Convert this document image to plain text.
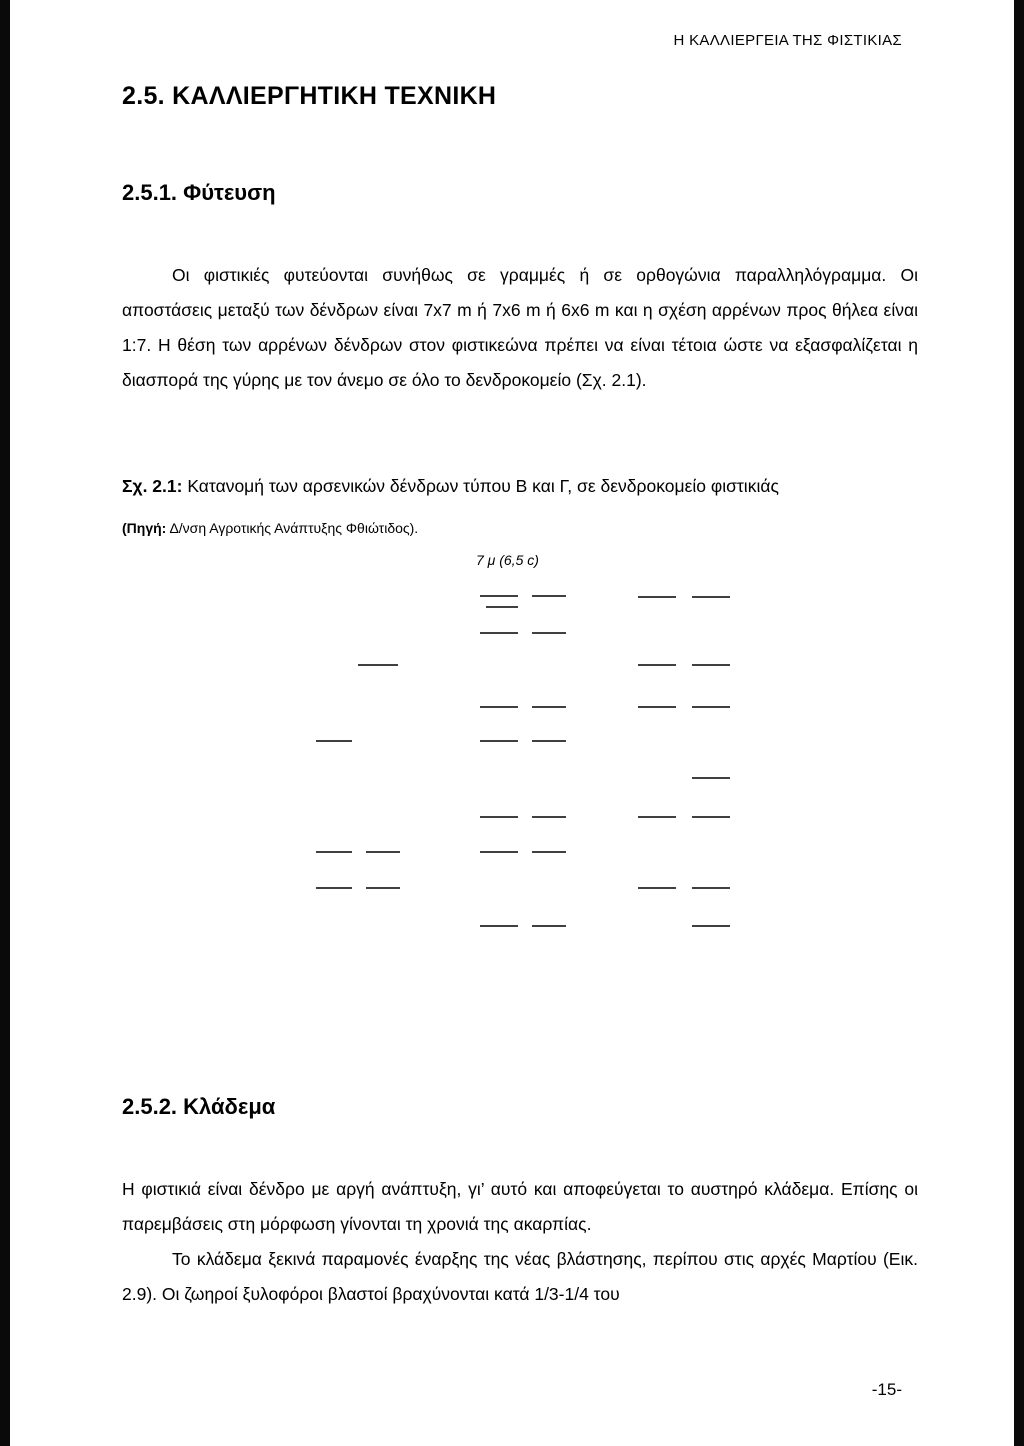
Η ΚΑΛΛΙΕΡΓΕΙΑ ΤΗΣ ΦΙΣΤΙΚΙΑΣ
2.5. ΚΑΛΛΙΕΡΓΗΤΙΚΗ ΤΕΧΝΙΚΗ
2.5.1. Φύτευση
Οι φιστικιές φυτεύονται συνήθως σε γραμμές ή σε ορθογώνια παραλληλόγραμμα. Οι αποστάσεις μεταξύ των δένδρων είναι 7x7 m ή 7x6 m ή 6x6 m και η σχέση αρρένων προς θήλεα είναι 1:7. Η θέση των αρρένων δένδρων στον φιστικεώνα πρέπει να είναι τέτοια ώστε να εξασφαλίζεται η διασπορά της γύρης με τον άνεμο σε όλο το δενδροκομείο (Σχ. 2.1).
Σχ. 2.1: Κατανομή των αρσενικών δένδρων τύπου Β και Γ, σε δενδροκομείο φιστικιάς
(Πηγή: Δ/νση Αγροτικής Ανάπτυξης Φθιώτιδος).
7 μ (6,5 c)
2.5.2. Κλάδεμα
Η φιστικιά είναι δένδρο με αργή ανάπτυξη, γι’ αυτό και αποφεύγεται το αυστηρό κλάδεμα. Επίσης οι παρεμβάσεις στη μόρφωση γίνονται τη χρονιά της ακαρπίας.
Το κλάδεμα ξεκινά παραμονές έναρξης της νέας βλάστησης, περίπου στις αρχές Μαρτίου (Εικ. 2.9). Οι ζωηροί ξυλοφόροι βλαστοί βραχύνονται κατά 1/3-1/4 του
-15-
